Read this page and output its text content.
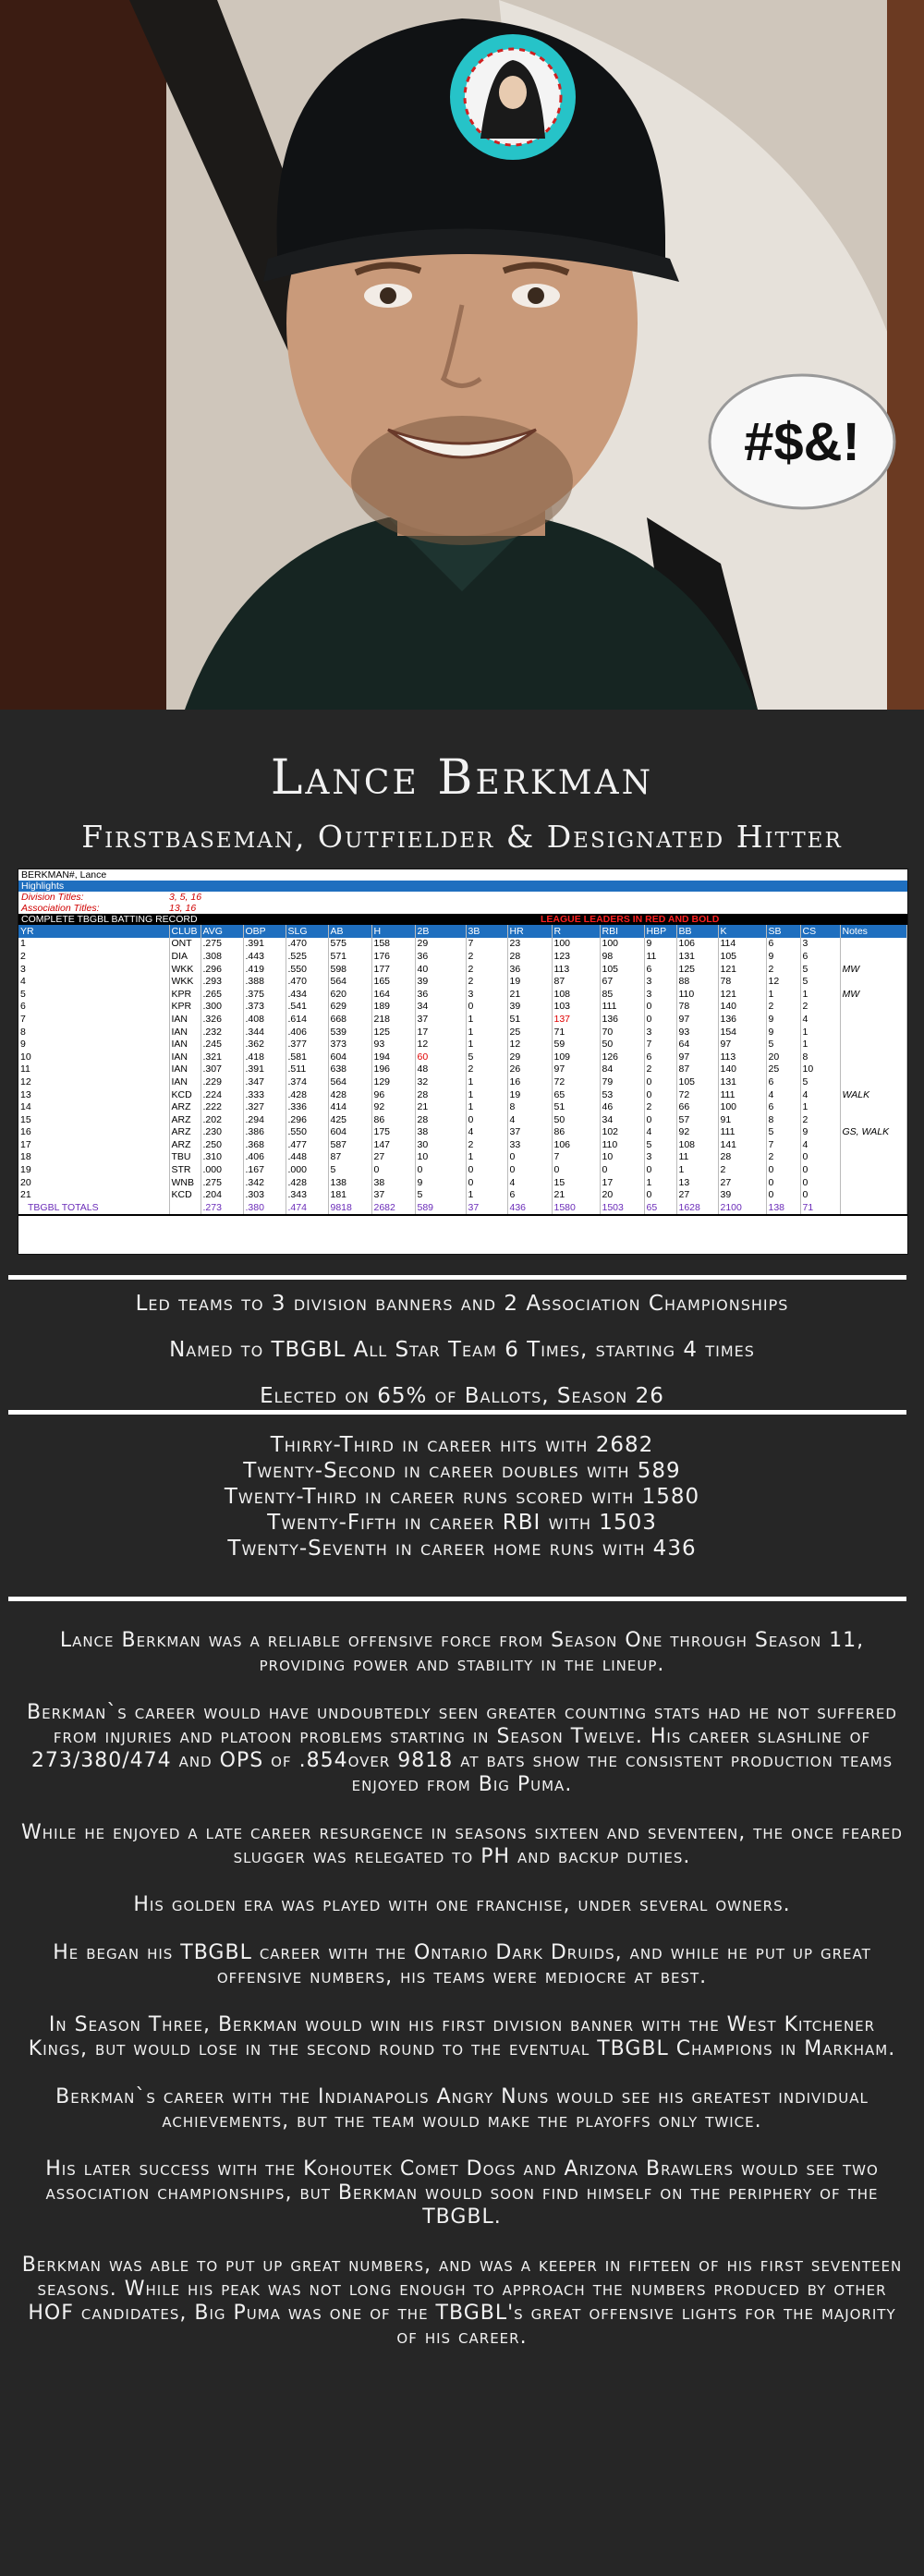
#$&!
Lance Berkman
Firstbaseman, Outfielder & Designated Hitter
BERKMAN#, Lance
Highlights
Division Titles:	3, 5, 16
Association Titles:	13, 16
COMPLETE TBGBL BATTING RECORD	LEAGUE LEADERS IN RED AND BOLD
YR	CLUB	AVG	OBP	SLG	AB	H	2B	3B	HR	R	RBI	HBP	BB	K	SB	CS	Notes
1	ONT	.275	.391	.470	575	158	29	7	23	100	100	9	106	114	6	3	
2	DIA	.308	.443	.525	571	176	36	2	28	123	98	11	131	105	9	6	
3	WKK	.296	.419	.550	598	177	40	2	36	113	105	6	125	121	2	5	MW
4	WKK	.293	.388	.470	564	165	39	2	19	87	67	3	88	78	12	5	
5	KPR	.265	.375	.434	620	164	36	3	21	108	85	3	110	121	1	1	MW
6	KPR	.300	.373	.541	629	189	34	0	39	103	111	0	78	140	2	2	
7	IAN	.326	.408	.614	668	218	37	1	51	137	136	0	97	136	9	4	
8	IAN	.232	.344	.406	539	125	17	1	25	71	70	3	93	154	9	1	
9	IAN	.245	.362	.377	373	93	12	1	12	59	50	7	64	97	5	1	
10	IAN	.321	.418	.581	604	194	60	5	29	109	126	6	97	113	20	8	
11	IAN	.307	.391	.511	638	196	48	2	26	97	84	2	87	140	25	10	
12	IAN	.229	.347	.374	564	129	32	1	16	72	79	0	105	131	6	5	
13	KCD	.224	.333	.428	428	96	28	1	19	65	53	0	72	111	4	4	WALK
14	ARZ	.222	.327	.336	414	92	21	1	8	51	46	2	66	100	6	1	
15	ARZ	.202	.294	.296	425	86	28	0	4	50	34	0	57	91	8	2	
16	ARZ	.230	.386	.550	604	175	38	4	37	86	102	4	92	111	5	9	GS, WALK
17	ARZ	.250	.368	.477	587	147	30	2	33	106	110	5	108	141	7	4	
18	TBU	.310	.406	.448	87	27	10	1	0	7	10	3	11	28	2	0	
19	STR	.000	.167	.000	5	0	0	0	0	0	0	0	1	2	0	0	
20	WNB	.275	.342	.428	138	38	9	0	4	15	17	1	13	27	0	0	
21	KCD	.204	.303	.343	181	37	5	1	6	21	20	0	27	39	0	0	
TBGBL TOTALS		.273	.380	.474	9818	2682	589	37	436	1580	1503	65	1628	2100	138	71	

Led teams to 3 division banners and 2 Association Championships

Named to TBGBL All Star Team 6 Times, starting 4 times

Elected on 65% of Ballots, Season 26

Thirry-Third in career hits with 2682

Twenty-Second in career doubles with 589

Twenty-Third in career runs scored with 1580

Twenty-Fifth in career RBI with 1503

Twenty-Seventh in career home runs with 436

Lance Berkman was a reliable offensive force from Season One through Season 11, providing power and stability in the lineup.

Berkman`s career would have undoubtedly seen greater counting stats had he not suffered from injuries and platoon problems starting in Season Twelve. His career slashline of 273/380/474 and OPS of .854over 9818 at bats show the consistent production teams enjoyed from Big Puma.

While he enjoyed a late career resurgence in seasons sixteen and seventeen, the once feared slugger was relegated to PH and backup duties.

His golden era was played with one franchise, under several owners.

He began his TBGBL career with the Ontario Dark Druids, and while he put up great offensive numbers, his teams were mediocre at best.

In Season Three, Berkman would win his first division banner with the West Kitchener Kings, but would lose in the second round to the eventual TBGBL Champions in Markham.

Berkman`s career with the Indianapolis Angry Nuns would see his greatest individual achievements, but the team would make the playoffs only twice.

His later success with the Kohoutek Comet Dogs and Arizona Brawlers would see two association championships, but Berkman would soon find himself on the periphery of the TBGBL.

Berkman was able to put up great numbers, and was a keeper in fifteen of his first seventeen seasons. While his peak was not long enough to approach the numbers produced by other HOF candidates, Big Puma was one of the TBGBL's great offensive lights for the majority of his career.
